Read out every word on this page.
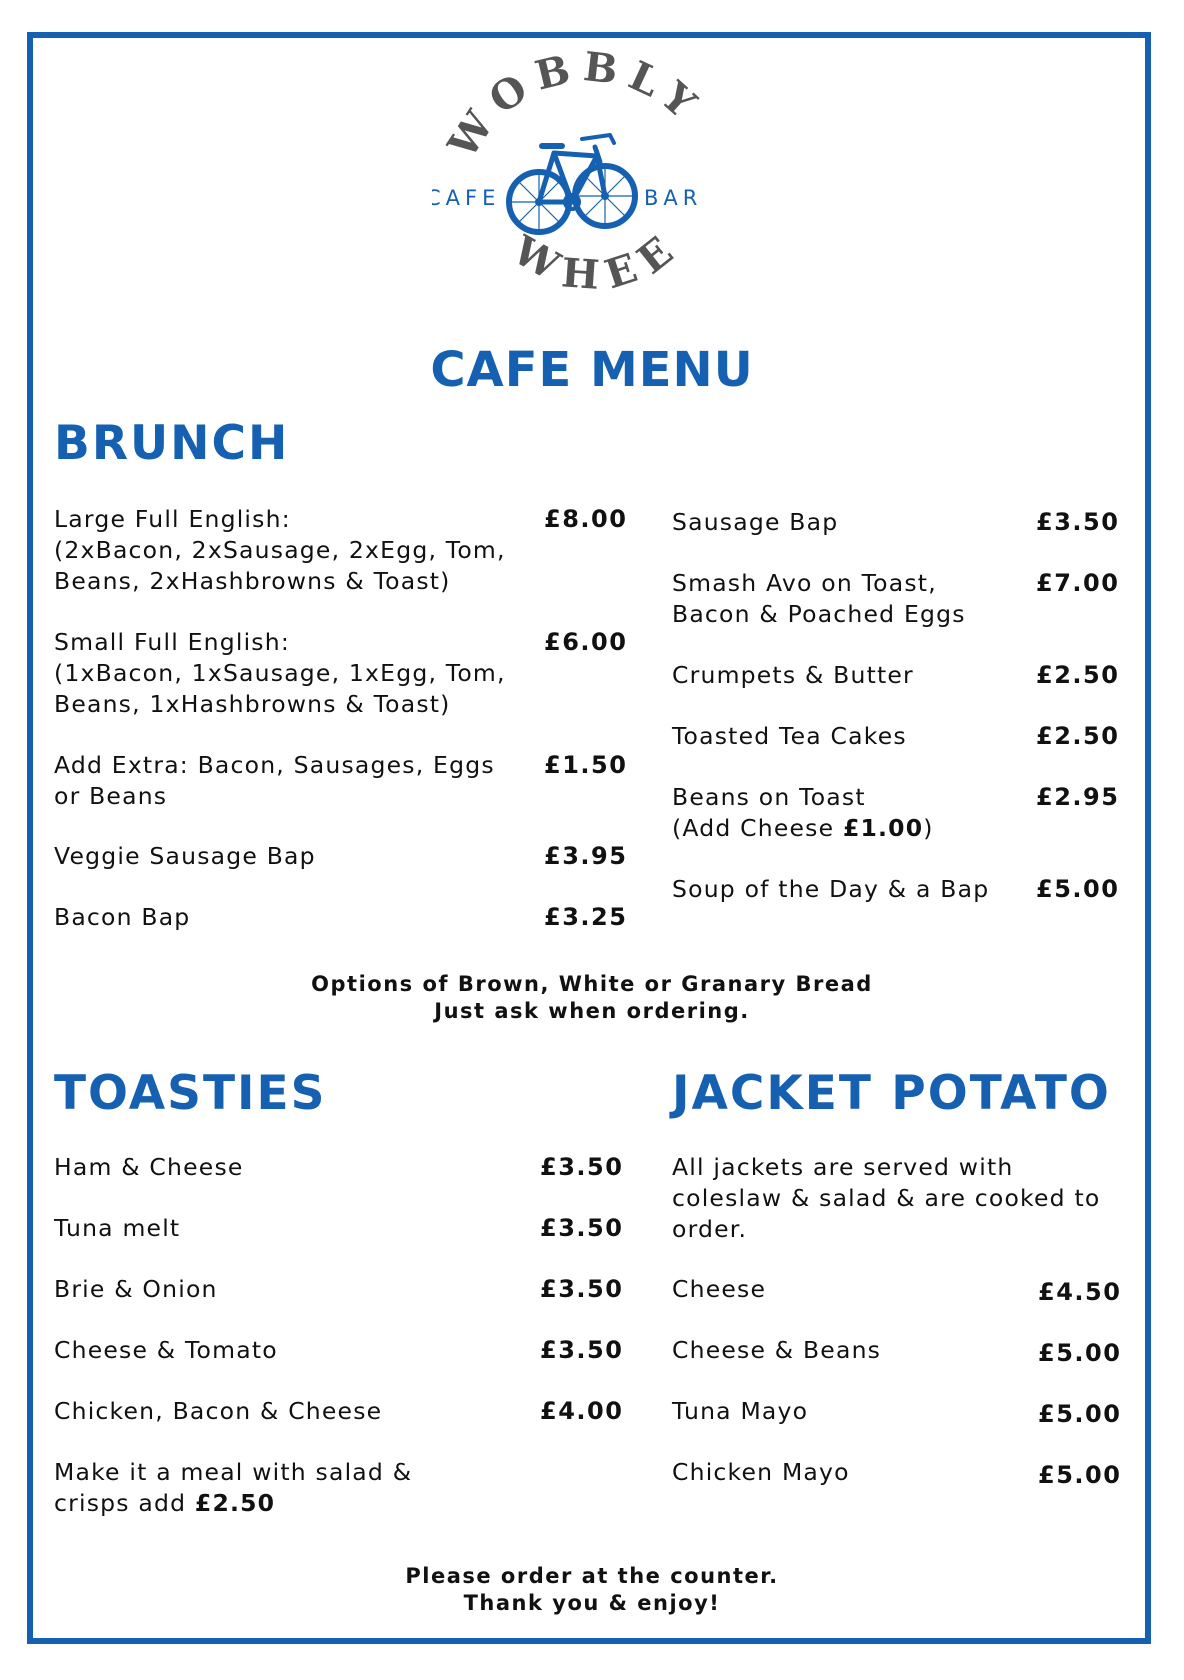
WOBBLY
WHEE
CAFE	BAR
CAFE MENU
BRUNCH
Large Full English:
(2xBacon, 2xSausage, 2xEgg, Tom,
Beans, 2xHashbrowns & Toast)
£8.00
Small Full English:
(1xBacon, 1xSausage, 1xEgg, Tom,
Beans, 1xHashbrowns & Toast)
£6.00
Add Extra: Bacon, Sausages, Eggs
or Beans
£1.50
Veggie Sausage Bap	£3.95
Bacon Bap	£3.25
Sausage Bap	£3.50
Smash Avo on Toast,
Bacon & Poached Eggs
£7.00
Crumpets & Butter	£2.50
Toasted Tea Cakes	£2.50
Beans on Toast
(Add Cheese £1.00)
£2.95
Soup of the Day & a Bap £5.00
Options of Brown, White or Granary Bread
Just ask when ordering.
TOASTIES
Ham & Cheese	£3.50
Tuna melt	£3.50
Brie & Onion	£3.50
Cheese & Tomato	£3.50
Chicken, Bacon & Cheese	£4.00
Make it a meal with salad &
crisps add £2.50
JACKET POTATO
All jackets are served with
coleslaw & salad & are cooked to
order.
Cheese	£4.50
Cheese & Beans	£5.00
Tuna Mayo	£5.00
Chicken Mayo	£5.00
Please order at the counter.
Thank you & enjoy!
